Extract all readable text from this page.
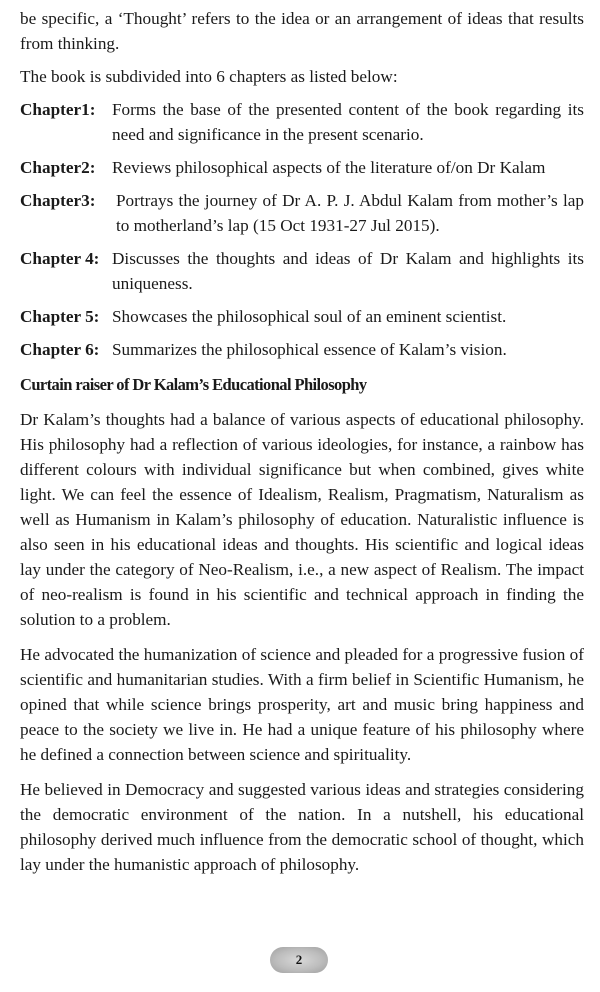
be specific, a ‘Thought’ refers to the idea or an arrangement of ideas that results from thinking.

The book is subdivided into 6 chapters as listed below:

Chapter1: Forms the base of the presented content of the book regarding its need and significance in the present scenario.
Chapter2: Reviews philosophical aspects of the literature of/on Dr Kalam
Chapter3:	Portrays the journey of Dr A. P. J. Abdul Kalam from mother’s lap to motherland’s lap (15 Oct 1931-27 Jul 2015).
Chapter 4: Discusses the thoughts and ideas of Dr Kalam and highlights its uniqueness.
Chapter 5: Showcases the philosophical soul of an eminent scientist.
Chapter 6: Summarizes the philosophical essence of Kalam’s vision.
Curtain raiser of Dr Kalam’s Educational Philosophy

Dr Kalam’s thoughts had a balance of various aspects of educational philosophy. His philosophy had a reflection of various ideologies, for instance, a rainbow has different colours with individual significance but when combined, gives white light. We can feel the essence of Idealism, Realism, Pragmatism, Naturalism as well as Humanism in Kalam’s philosophy of education. Naturalistic influence is also seen in his educational ideas and thoughts. His scientific and logical ideas lay under the category of Neo-Realism, i.e., a new aspect of Realism. The impact of neo-realism is found in his scientific and technical approach in finding the solution to a problem.

He advocated the humanization of science and pleaded for a progressive fusion of scientific and humanitarian studies. With a firm belief in Scientific Humanism, he opined that while science brings prosperity, art and music bring happiness and peace to the society we live in. He had a unique feature of his philosophy where he defined a connection between science and spirituality.

He believed in Democracy and suggested various ideas and strategies considering the democratic environment of the nation. In a nutshell, his educational philosophy derived much influence from the democratic school of thought, which lay under the humanistic approach of philosophy.

2
